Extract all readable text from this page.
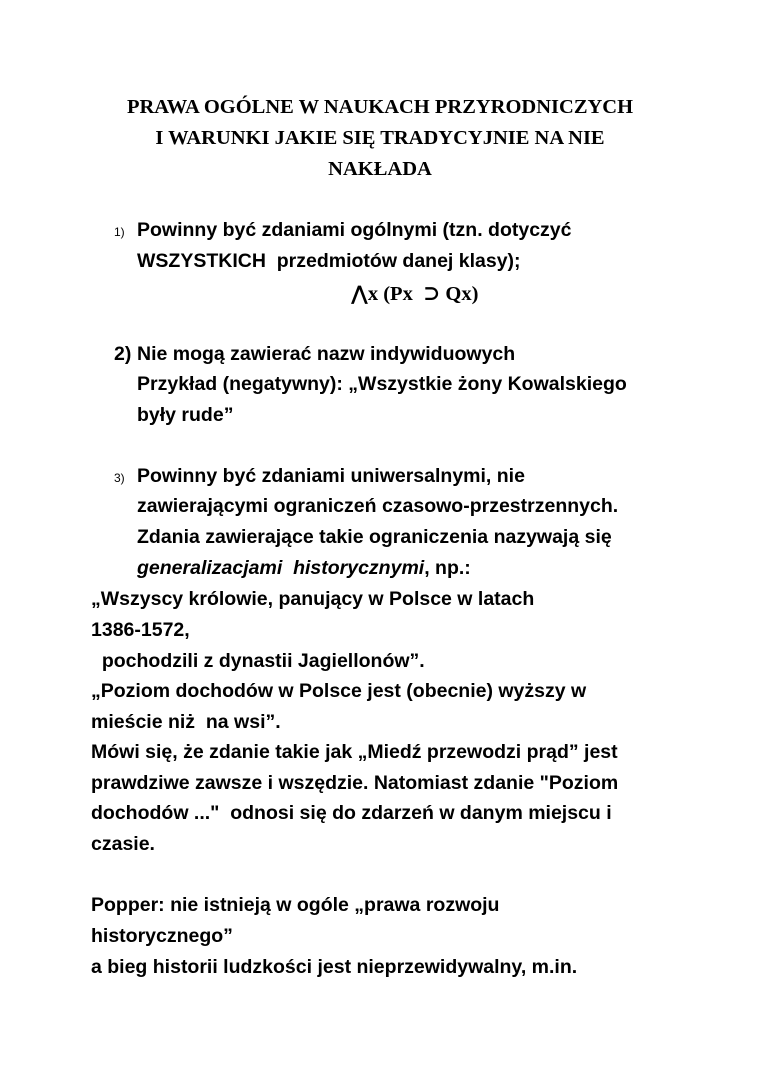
PRAWA OGÓLNE W NAUKACH PRZYRODNICZYCH
I WARUNKI JAKIE SIĘ TRADYCYJNIE NA NIE
NAKŁADA
1) Powinny być zdaniami ogólnymi (tzn. dotyczyć
WSZYSTKICH  przedmiotów danej klasy);
⋀x (Px  ⊃ Qx)
2) Nie mogą zawierać nazw indywiduowych
Przykład (negatywny): „Wszystkie żony Kowalskiego
były rude”
3) Powinny być zdaniami uniwersalnymi, nie
zawierającymi ograniczeń czasowo-przestrzennych.
Zdania zawierające takie ograniczenia nazywają się
generalizacjami  historycznymi, np.:
„Wszyscy królowie, panujący w Polsce w latach
1386-1572,
pochodzili z dynastii Jagiellonów”.
„Poziom dochodów w Polsce jest (obecnie) wyższy w
mieście niż  na wsi”.
Mówi się, że zdanie takie jak „Miedź przewodzi prąd” jest
prawdziwe zawsze i wszędzie. Natomiast zdanie "Poziom
dochodów ..."  odnosi się do zdarzeń w danym miejscu i
czasie.
Popper: nie istnieją w ogóle „prawa rozwoju
historycznego”
a bieg historii ludzkości jest nieprzewidywalny, m.in.
